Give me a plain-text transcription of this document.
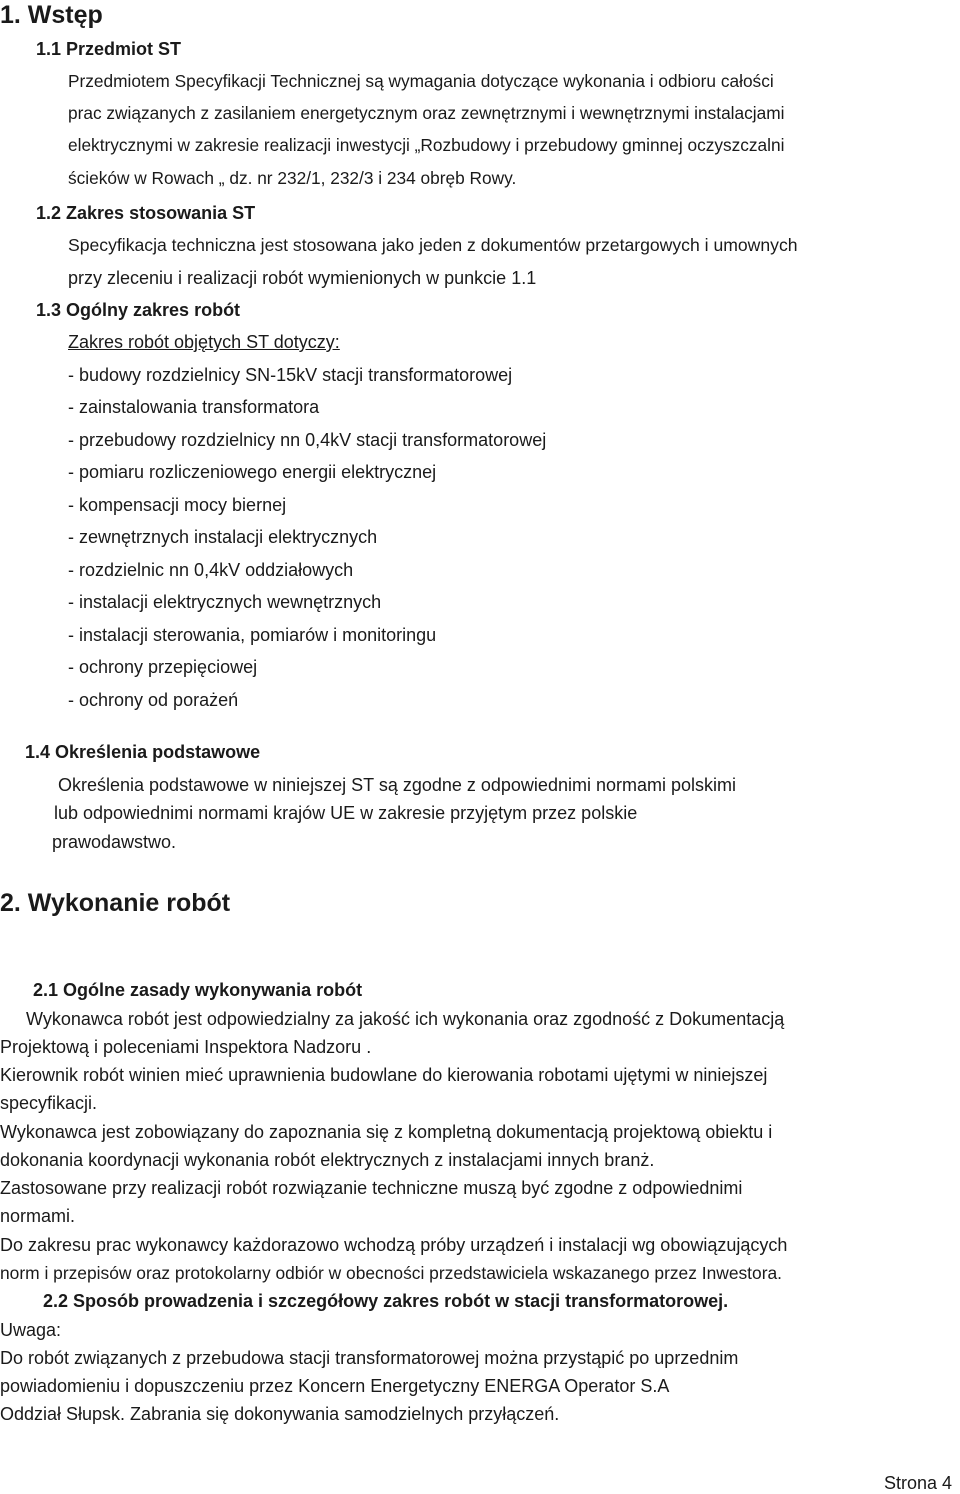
1. Wstęp
1.1 Przedmiot ST
Przedmiotem Specyfikacji Technicznej są wymagania dotyczące wykonania i odbioru całości
prac związanych z zasilaniem energetycznym oraz zewnętrznymi i wewnętrznymi instalacjami
elektrycznymi w zakresie realizacji inwestycji „Rozbudowy i przebudowy gminnej oczyszczalni
ścieków w Rowach „ dz. nr 232/1, 232/3 i 234 obręb Rowy.
1.2 Zakres stosowania ST
Specyfikacja techniczna jest stosowana jako jeden z dokumentów przetargowych i umownych
przy zleceniu i realizacji robót wymienionych w punkcie 1.1
1.3 Ogólny zakres robót
Zakres robót objętych ST dotyczy:
- budowy rozdzielnicy SN-15kV stacji transformatorowej
- zainstalowania transformatora
- przebudowy rozdzielnicy nn 0,4kV stacji transformatorowej
- pomiaru rozliczeniowego energii elektrycznej
- kompensacji mocy biernej
- zewnętrznych instalacji elektrycznych
- rozdzielnic nn 0,4kV oddziałowych
- instalacji elektrycznych wewnętrznych
- instalacji sterowania, pomiarów i monitoringu
- ochrony przepięciowej
- ochrony od porażeń
1.4 Określenia podstawowe
Określenia podstawowe w niniejszej ST są zgodne z odpowiednimi normami polskimi
lub odpowiednimi normami krajów UE w zakresie przyjętym przez polskie
prawodawstwo.
2. Wykonanie robót
2.1 Ogólne zasady wykonywania robót
Wykonawca robót jest odpowiedzialny za jakość ich wykonania oraz zgodność z Dokumentacją
Projektową i poleceniami Inspektora Nadzoru .
Kierownik robót winien mieć uprawnienia budowlane do kierowania robotami ujętymi w niniejszej
specyfikacji.
Wykonawca jest zobowiązany do zapoznania się z kompletną dokumentacją projektową obiektu i
dokonania koordynacji wykonania robót elektrycznych z instalacjami innych branż.
Zastosowane przy realizacji robót rozwiązanie techniczne muszą być zgodne z odpowiednimi
normami.
Do zakresu prac wykonawcy każdorazowo wchodzą próby urządzeń i instalacji wg obowiązujących
norm i przepisów oraz protokolarny odbiór w obecności przedstawiciela wskazanego przez Inwestora.
2.2 Sposób prowadzenia i szczegółowy zakres robót w stacji transformatorowej.
Uwaga:
Do robót związanych z przebudowa stacji transformatorowej można przystąpić po uprzednim
powiadomieniu i dopuszczeniu przez Koncern Energetyczny ENERGA Operator S.A
Oddział Słupsk. Zabrania się dokonywania samodzielnych przyłączeń.
Strona 4
